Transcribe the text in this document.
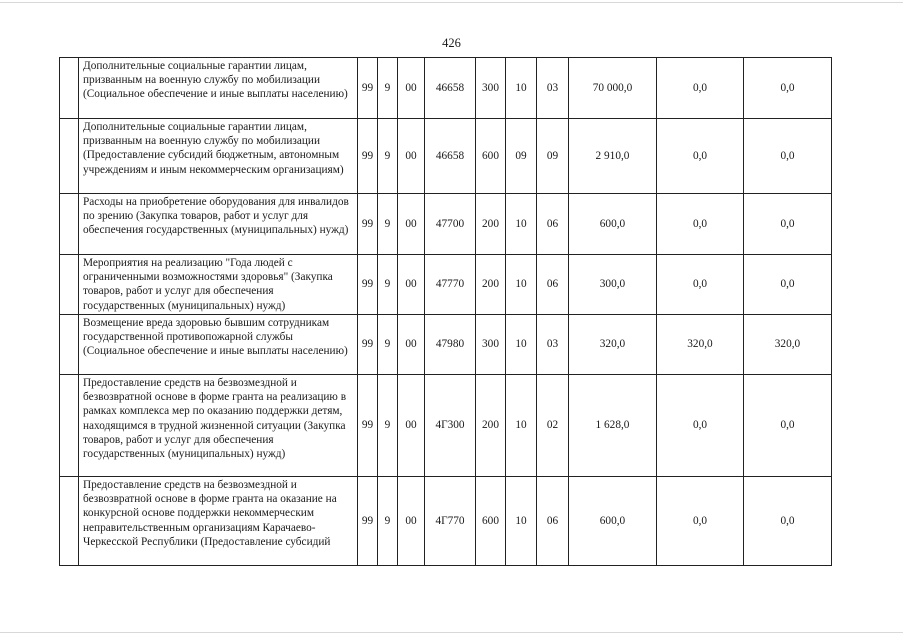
426
	Дополнительные социальные гарантии лицам, призванным на военную службу по мобилизации (Социальное обеспечение и иные выплаты населению)	99	9	00	46658	300	10	03	70 000,0	0,0	0,0
	Дополнительные социальные гарантии лицам, призванным на военную службу по мобилизации (Предоставление субсидий бюджетным, автономным учреждениям и иным некоммерческим организациям)	99	9	00	46658	600	09	09	2 910,0	0,0	0,0
	Расходы на приобретение оборудования для инвалидов по зрению (Закупка товаров, работ и услуг для обеспечения государственных (муниципальных) нужд)	99	9	00	47700	200	10	06	600,0	0,0	0,0
	Мероприятия на реализацию "Года людей с ограниченными возможностями здоровья" (Закупка товаров, работ и услуг для обеспечения государственных (муниципальных) нужд)	99	9	00	47770	200	10	06	300,0	0,0	0,0
	Возмещение вреда здоровью бывшим сотрудникам государственной противопожарной службы (Социальное обеспечение и иные выплаты населению)	99	9	00	47980	300	10	03	320,0	320,0	320,0
	Предоставление средств на безвозмездной и безвозвратной основе в форме гранта на реализацию в рамках комплекса мер по оказанию поддержки детям, находящимся в трудной жизненной ситуации (Закупка товаров, работ и услуг для обеспечения государственных (муниципальных) нужд)	99	9	00	4Г300	200	10	02	1 628,0	0,0	0,0
	Предоставление средств на безвозмездной и безвозвратной основе в форме гранта на оказание на конкурсной основе поддержки некоммерческим неправительственным организациям Карачаево-Черкесской Республики (Предоставление субсидий	99	9	00	4Г770	600	10	06	600,0	0,0	0,0
